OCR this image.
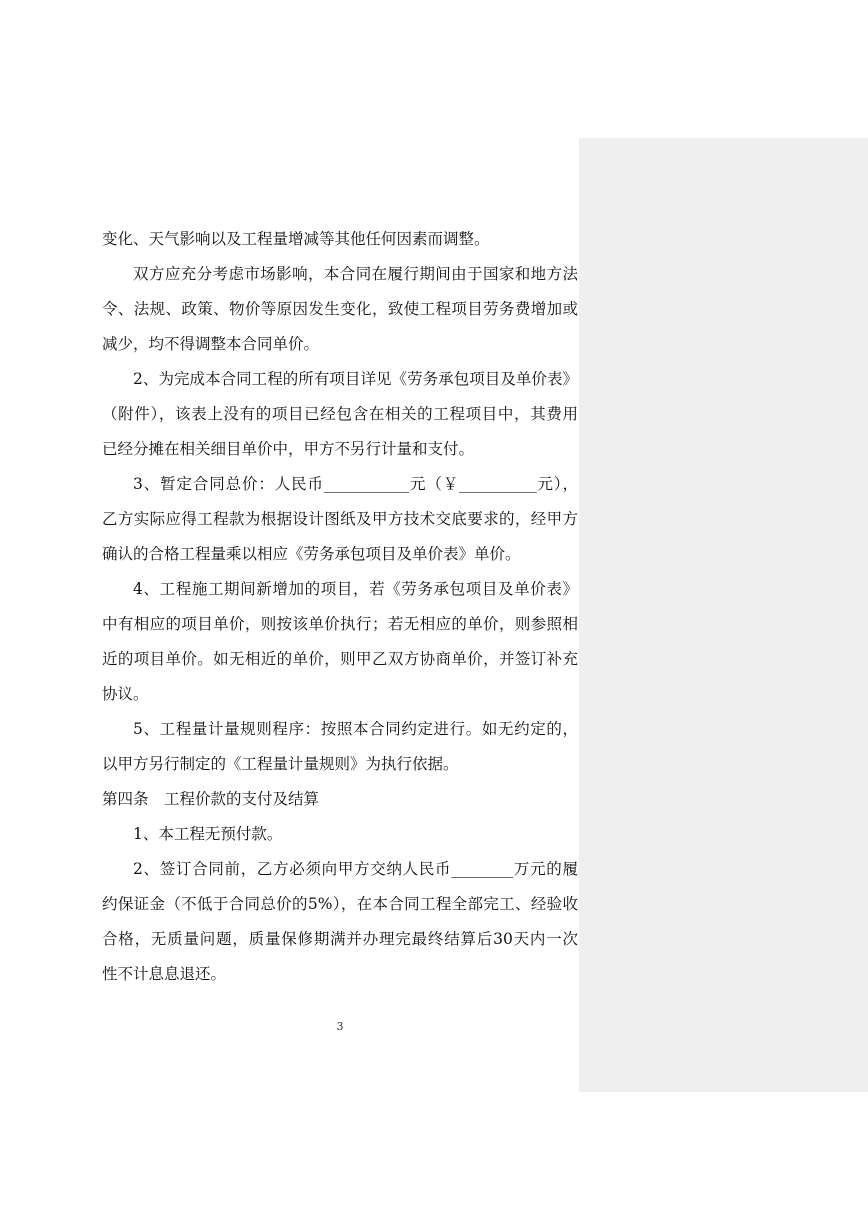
变化、天气影响以及工程量增减等其他任何因素而调整。
双方应充分考虑市场影响，本合同在履行期间由于国家和地方法
令、法规、政策、物价等原因发生变化，致使工程项目劳务费增加或
减少，均不得调整本合同单价。
2、为完成本合同工程的所有项目详见《劳务承包项目及单价表》
（附件），该表上没有的项目已经包含在相关的工程项目中，其费用
已经分摊在相关细目单价中，甲方不另行计量和支付。
3、暂定合同总价：人民币___________元（￥__________元），
乙方实际应得工程款为根据设计图纸及甲方技术交底要求的，经甲方
确认的合格工程量乘以相应《劳务承包项目及单价表》单价。
4、工程施工期间新增加的项目，若《劳务承包项目及单价表》
中有相应的项目单价，则按该单价执行；若无相应的单价，则参照相
近的项目单价。如无相近的单价，则甲乙双方协商单价，并签订补充
协议。
5、工程量计量规则程序：按照本合同约定进行。如无约定的，
以甲方另行制定的《工程量计量规则》为执行依据。
第四条　工程价款的支付及结算
1、本工程无预付款。
2、签订合同前，乙方必须向甲方交纳人民币________万元的履
约保证金（不低于合同总价的5%），在本合同工程全部完工、经验收
合格，无质量问题，质量保修期满并办理完最终结算后30天内一次
性不计息息退还。
3
